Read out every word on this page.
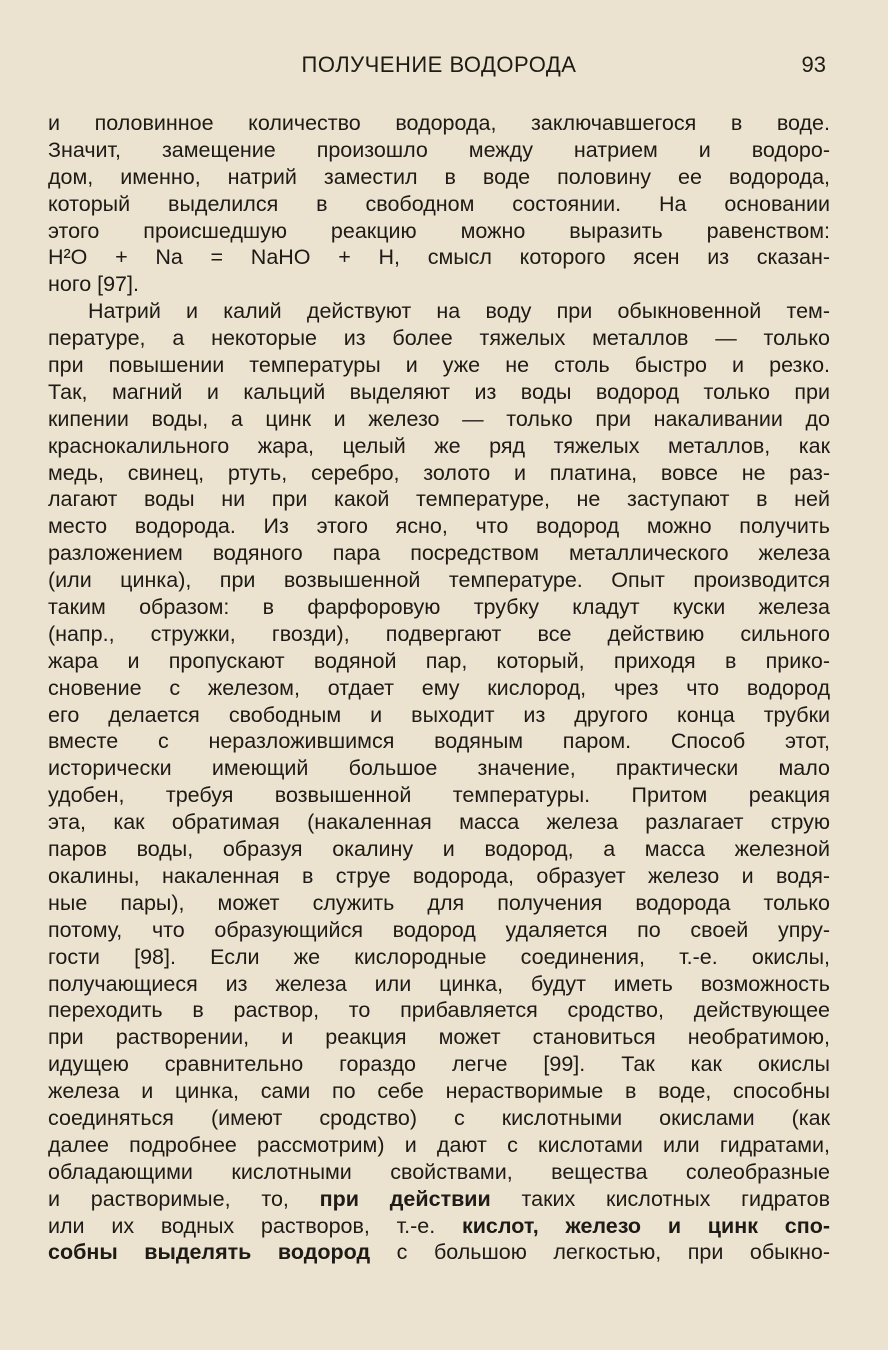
ПОЛУЧЕНИЕ ВОДОРОДА	93
и половинное количество водорода, заключавшегося в воде.
Значит, замещение произошло между натрием и водоро-
дом, именно, натрий заместил в воде половину ее водорода,
который выделился в свободном состоянии. На основании
этого происшедшую реакцию можно выразить равенством:
H²O + Na = NaHO + H, смысл которого ясен из сказан-
ного [97].
Натрий и калий действуют на воду при обыкновенной тем-
пературе, а некоторые из более тяжелых металлов — только
при повышении температуры и уже не столь быстро и резко.
Так, магний и кальций выделяют из воды водород только при
кипении воды, а цинк и железо — только при накаливании до
краснокалильного жара, целый же ряд тяжелых металлов, как
медь, свинец, ртуть, серебро, золото и платина, вовсе не раз-
лагают воды ни при какой температуре, не заступают в ней
место водорода. Из этого ясно, что водород можно получить
разложением водяного пара посредством металлического железа
(или цинка), при возвышенной температуре. Опыт производится
таким образом: в фарфоровую трубку кладут куски железа
(напр., стружки, гвозди), подвергают все действию сильного
жара и пропускают водяной пар, который, приходя в прико-
сновение с железом, отдает ему кислород, чрез что водород
его делается свободным и выходит из другого конца трубки
вместе с неразложившимся водяным паром. Способ этот,
исторически имеющий большое значение, практически мало
удобен, требуя возвышенной температуры. Притом реакция
эта, как обратимая (накаленная масса железа разлагает струю
паров воды, образуя окалину и водород, а масса железной
окалины, накаленная в струе водорода, образует железо и водя-
ные пары), может служить для получения водорода только
потому, что образующийся водород удаляется по своей упру-
гости [98]. Если же кислородные соединения, т.-е. окислы,
получающиеся из железа или цинка, будут иметь возможность
переходить в раствор, то прибавляется сродство, действующее
при растворении, и реакция может становиться необратимою,
идущею сравнительно гораздо легче [99]. Так как окислы
железа и цинка, сами по себе нерастворимые в воде, способны
соединяться (имеют сродство) с кислотными окислами (как
далее подробнее рассмотрим) и дают с кислотами или гидратами,
обладающими кислотными свойствами, вещества солеобразные
и растворимые, то, при действии таких кислотных гидратов
или их водных растворов, т.-е. кислот, железо и цинк спо-
собны выделять водород с большою легкостью, при обыкно-
